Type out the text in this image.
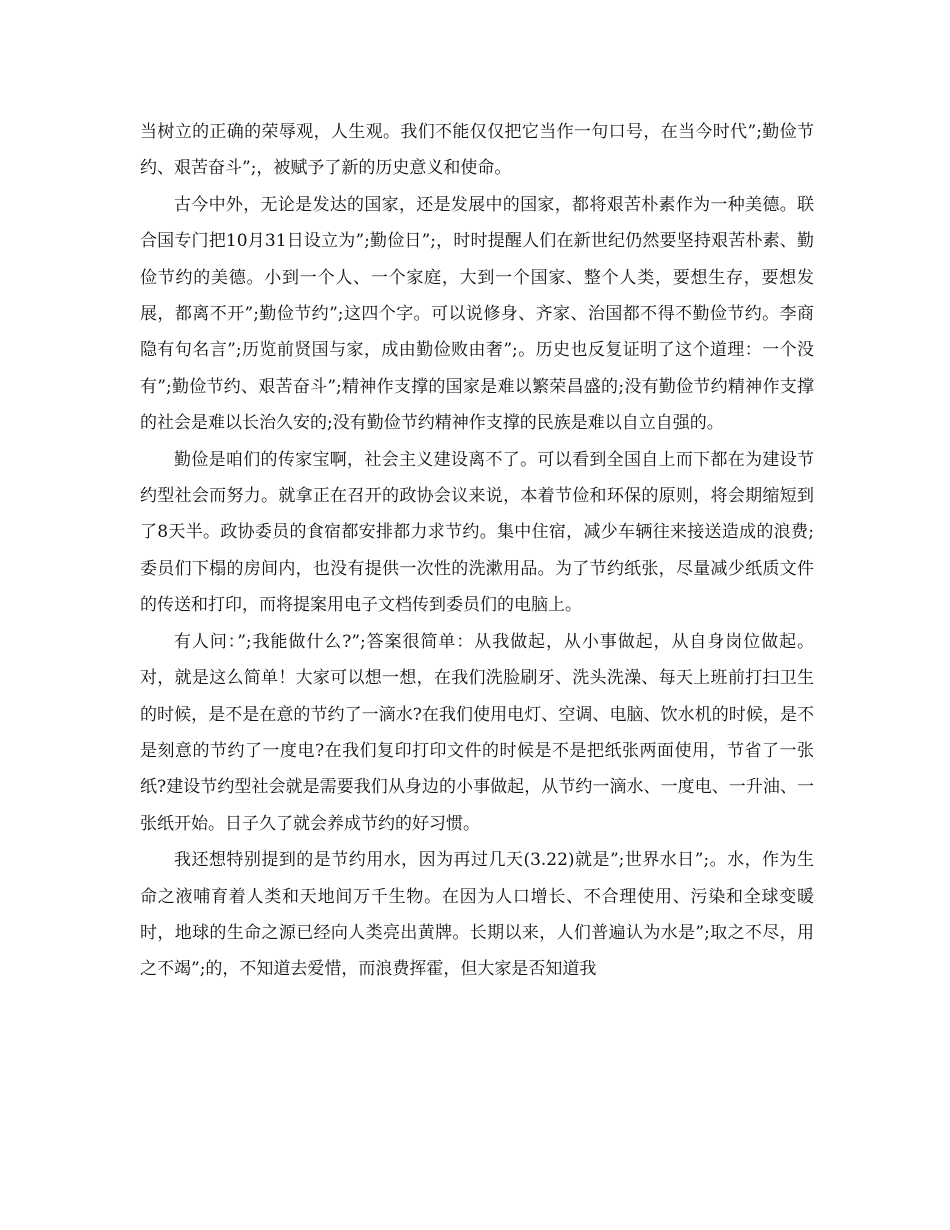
当树立的正确的荣辱观，人生观。我们不能仅仅把它当作一句口号，在当今时代”;勤俭节约、艰苦奋斗”;，被赋予了新的历史意义和使命。

古今中外，无论是发达的国家，还是发展中的国家，都将艰苦朴素作为一种美德。联合国专门把10月31日设立为”;勤俭日”;，时时提醒人们在新世纪仍然要坚持艰苦朴素、勤俭节约的美德。小到一个人、一个家庭，大到一个国家、整个人类，要想生存，要想发展，都离不开”;勤俭节约”;这四个字。可以说修身、齐家、治国都不得不勤俭节约。李商隐有句名言”;历览前贤国与家，成由勤俭败由奢”;。历史也反复证明了这个道理：一个没有”;勤俭节约、艰苦奋斗”;精神作支撑的国家是难以繁荣昌盛的;没有勤俭节约精神作支撑的社会是难以长治久安的;没有勤俭节约精神作支撑的民族是难以自立自强的。

勤俭是咱们的传家宝啊，社会主义建设离不了。可以看到全国自上而下都在为建设节约型社会而努力。就拿正在召开的政协会议来说，本着节俭和环保的原则，将会期缩短到了8天半。政协委员的食宿都安排都力求节约。集中住宿，减少车辆往来接送造成的浪费;委员们下榻的房间内，也没有提供一次性的洗漱用品。为了节约纸张，尽量减少纸质文件的传送和打印，而将提案用电子文档传到委员们的电脑上。

有人问：”;我能做什么?”;答案很简单：从我做起，从小事做起，从自身岗位做起。对，就是这么简单！大家可以想一想，在我们洗脸刷牙、洗头洗澡、每天上班前打扫卫生的时候，是不是在意的节约了一滴水?在我们使用电灯、空调、电脑、饮水机的时候，是不是刻意的节约了一度电?在我们复印打印文件的时候是不是把纸张两面使用，节省了一张纸?建设节约型社会就是需要我们从身边的小事做起，从节约一滴水、一度电、一升油、一张纸开始。日子久了就会养成节约的好习惯。

我还想特别提到的是节约用水，因为再过几天(3.22)就是”;世界水日”;。水，作为生命之液哺育着人类和天地间万千生物。在因为人口增长、不合理使用、污染和全球变暖时，地球的生命之源已经向人类亮出黄牌。长期以来，人们普遍认为水是”;取之不尽，用之不竭”;的，不知道去爱惜，而浪费挥霍，但大家是否知道我
